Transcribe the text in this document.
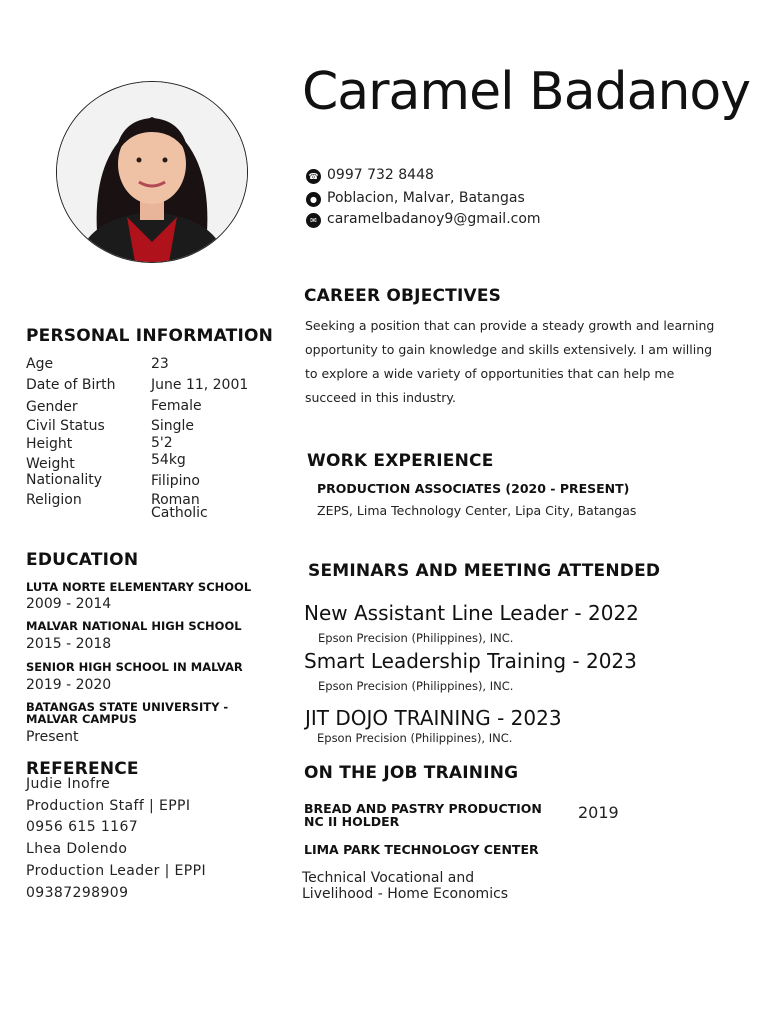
Caramel Badanoy
☎ 0997 732 8448
● Poblacion, Malvar, Batangas
✉ caramelbadanoy9@gmail.com
CAREER OBJECTIVES
Seeking a position that can provide a steady growth and learning opportunity to gain knowledge and skills extensively. I am willing to explore a wide variety of opportunities that can help me succeed in this industry.
PERSONAL INFORMATION
Age	23
Date of Birth	June 11, 2001
Gender	Female
Civil Status	Single
Height	5'2
Weight	54kg
Nationality	Filipino
Religion	Roman Catholic
WORK EXPERIENCE
PRODUCTION ASSOCIATES (2020 - PRESENT)
ZEPS, Lima Technology Center, Lipa City, Batangas
EDUCATION
LUTA NORTE ELEMENTARY SCHOOL
2009 - 2014
MALVAR NATIONAL HIGH SCHOOL
2015 - 2018
SENIOR HIGH SCHOOL IN MALVAR
2019 - 2020
BATANGAS STATE UNIVERSITY - MALVAR CAMPUS
Present
SEMINARS AND MEETING ATTENDED
New Assistant Line Leader - 2022
Epson Precision (Philippines), INC.
Smart Leadership Training - 2023
Epson Precision (Philippines), INC.
JIT DOJO TRAINING - 2023
Epson Precision (Philippines), INC.
REFERENCE
Judie Inofre
Production Staff | EPPI
0956 615 1167
Lhea Dolendo
Production Leader | EPPI
09387298909
ON THE JOB TRAINING
BREAD AND PASTRY PRODUCTION NC II HOLDER	2019
LIMA PARK TECHNOLOGY CENTER
Technical Vocational and Livelihood - Home Economics
